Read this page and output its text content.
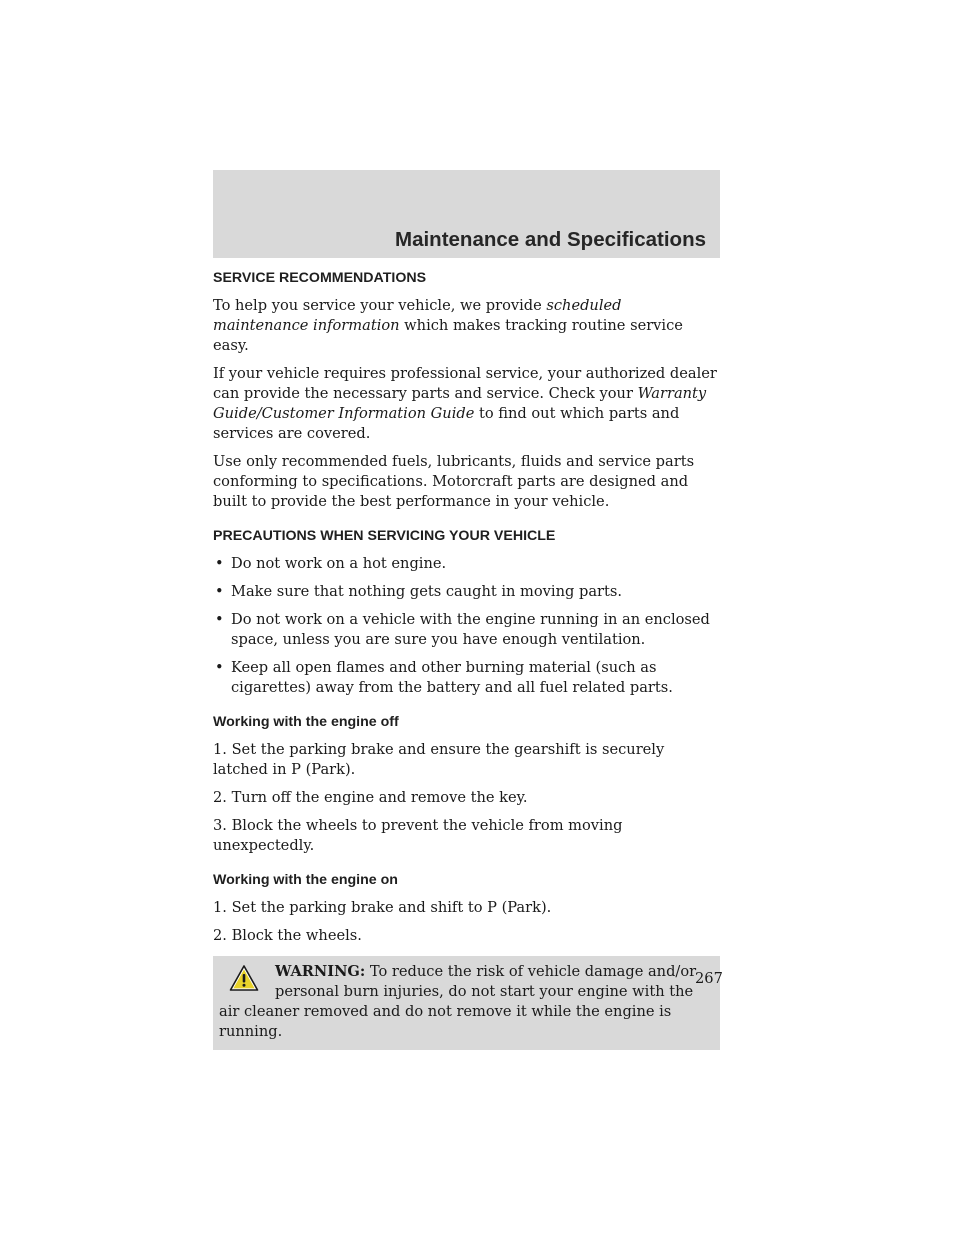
Maintenance and Specifications
SERVICE RECOMMENDATIONS

To help you service your vehicle, we provide scheduled maintenance information which makes tracking routine service easy.

If your vehicle requires professional service, your authorized dealer can provide the necessary parts and service. Check your Warranty Guide/Customer Information Guide to find out which parts and services are covered.

Use only recommended fuels, lubricants, fluids and service parts conforming to specifications. Motorcraft parts are designed and built to provide the best performance in your vehicle.

PRECAUTIONS WHEN SERVICING YOUR VEHICLE
• Do not work on a hot engine.
• Make sure that nothing gets caught in moving parts.
• Do not work on a vehicle with the engine running in an enclosed space, unless you are sure you have enough ventilation.
• Keep all open flames and other burning material (such as cigarettes) away from the battery and all fuel related parts.
Working with the engine off

1. Set the parking brake and ensure the gearshift is securely latched in P (Park).

2. Turn off the engine and remove the key.

3. Block the wheels to prevent the vehicle from moving unexpectedly.

Working with the engine on

1. Set the parking brake and shift to P (Park).

2. Block the wheels.

WARNING: To reduce the risk of vehicle damage and/or personal burn injuries, do not start your engine with the air cleaner removed and do not remove it while the engine is running.
267
